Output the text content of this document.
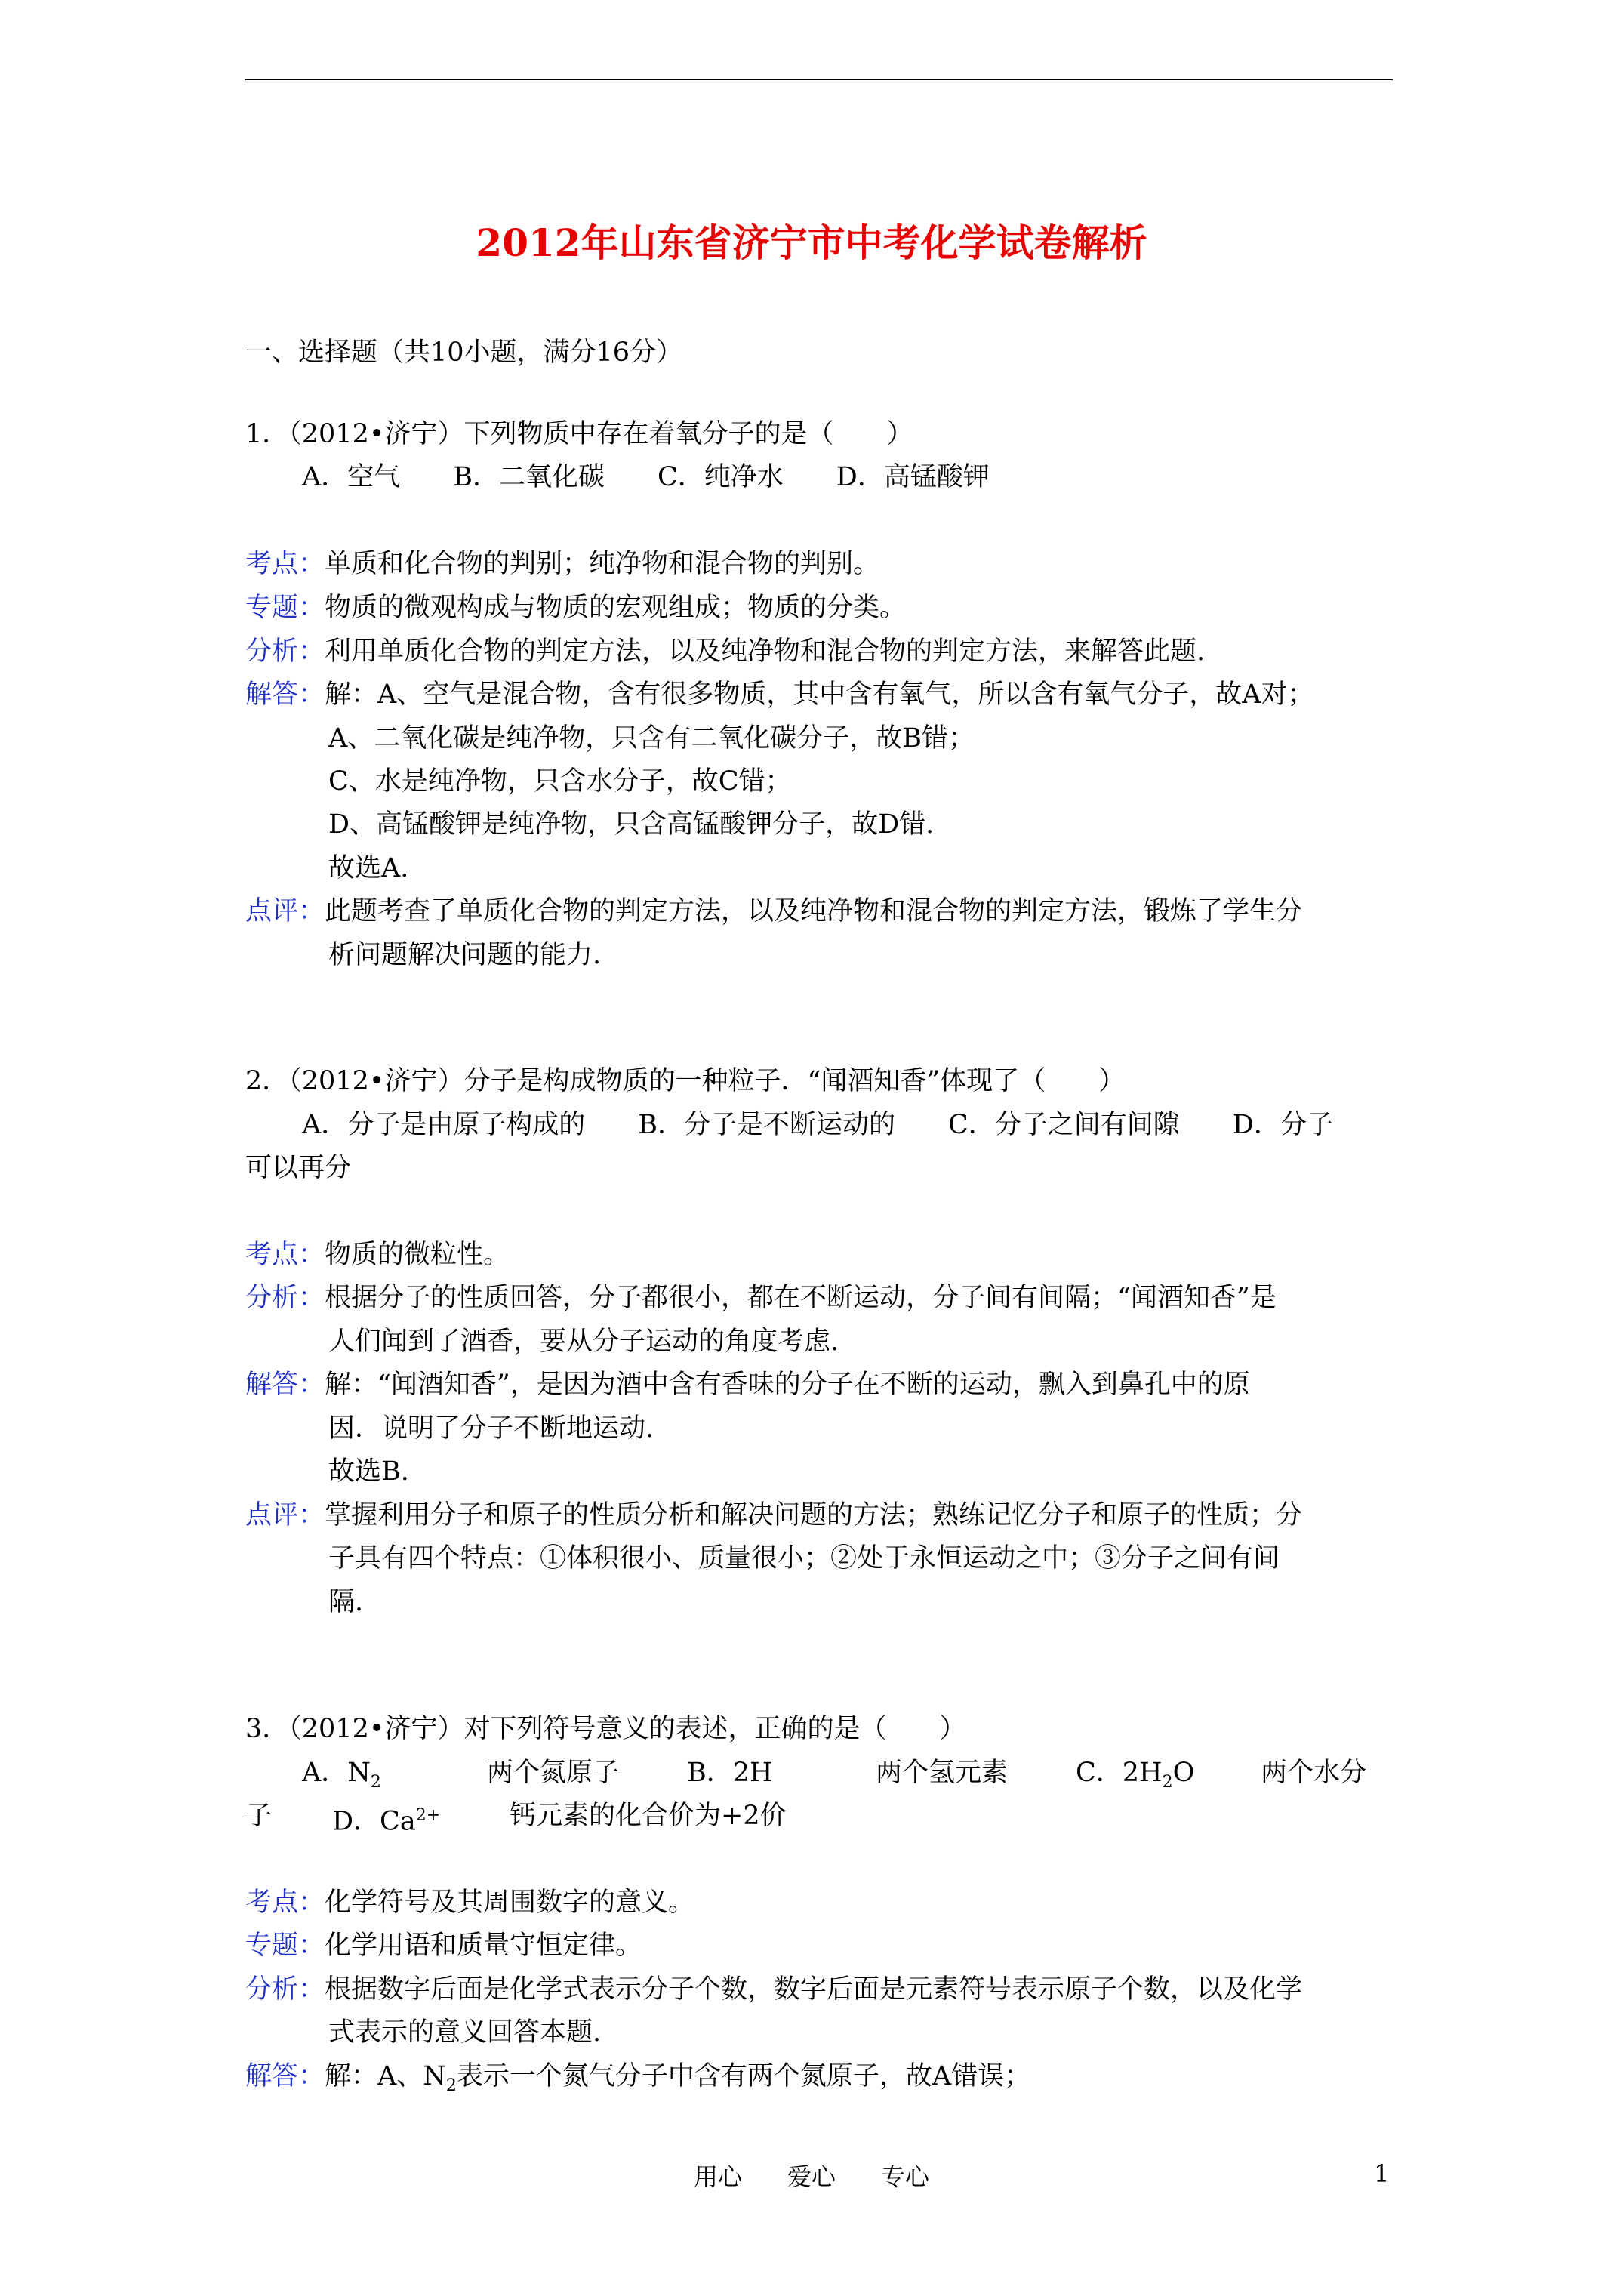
2012年山东省济宁市中考化学试卷解析
一、选择题（共10小题，满分16分）
1．（2012•济宁）下列物质中存在着氧分子的是（　　）
A．空气　　B．二氧化碳　　C．纯净水　　D．高锰酸钾
考点：单质和化合物的判别；纯净物和混合物的判别。
专题：物质的微观构成与物质的宏观组成；物质的分类。
分析：利用单质化合物的判定方法，以及纯净物和混合物的判定方法，来解答此题.
解答：解：A、空气是混合物，含有很多物质，其中含有氧气，所以含有氧气分子，故A对；
A、二氧化碳是纯净物，只含有二氧化碳分子，故B错；
C、水是纯净物，只含水分子，故C错；
D、高锰酸钾是纯净物，只含高锰酸钾分子，故D错.
故选A.
点评：此题考查了单质化合物的判定方法，以及纯净物和混合物的判定方法，锻炼了学生分
析问题解决问题的能力.
2．（2012•济宁）分子是构成物质的一种粒子．“闻酒知香”体现了（　　）
A．分子是由原子构成的　　B．分子是不断运动的　　C．分子之间有间隙　　D．分子
可以再分
考点：物质的微粒性。
分析：根据分子的性质回答，分子都很小，都在不断运动，分子间有间隔；“闻酒知香”是
人们闻到了酒香，要从分子运动的角度考虑.
解答：解：“闻酒知香”，是因为酒中含有香味的分子在不断的运动，飘入到鼻孔中的原
因．说明了分子不断地运动.
故选B.
点评：掌握利用分子和原子的性质分析和解决问题的方法；熟练记忆分子和原子的性质；分
子具有四个特点：①体积很小、质量很小；②处于永恒运动之中；③分子之间有间
隔.
3．（2012•济宁）对下列符号意义的表述，正确的是（　　）
A．$N_2$	两个氮原子	B．2H	两个氢元素	C．$2H_2O$	两个水分
子 D．$Ca^{2+}$	钙元素的化合价为+2价
考点：化学符号及其周围数字的意义。
专题：化学用语和质量守恒定律。
分析：根据数字后面是化学式表示分子个数，数字后面是元素符号表示原子个数，以及化学
式表示的意义回答本题.
解答：解：A、$N_2$表示一个氮气分子中含有两个氮原子，故A错误；
用心 爱心 专心	1
